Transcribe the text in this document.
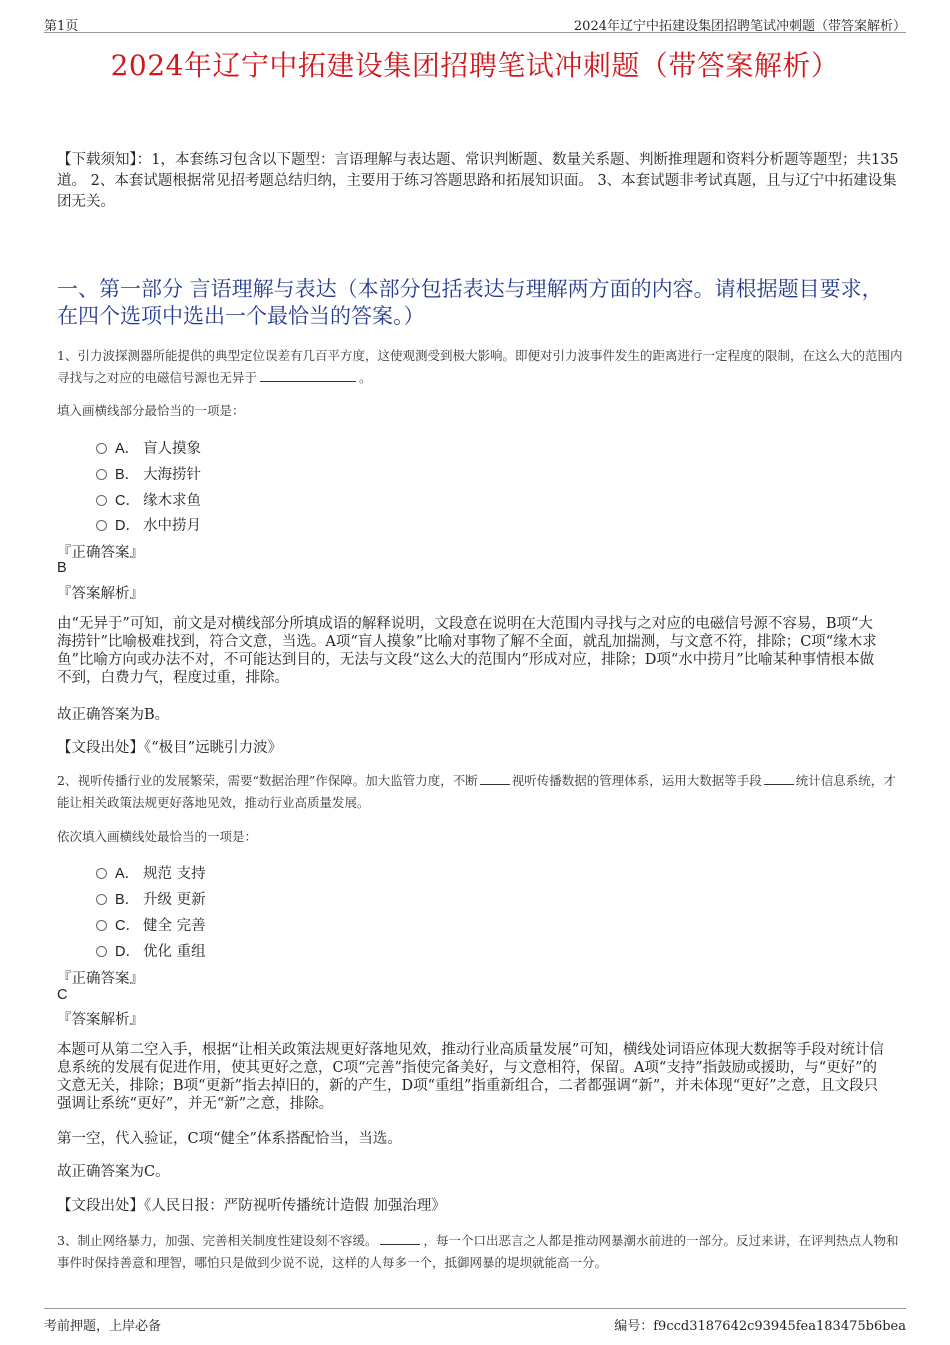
第1页	2024年辽宁中拓建设集团招聘笔试冲刺题（带答案解析）
2024年辽宁中拓建设集团招聘笔试冲刺题（带答案解析）
【下载须知】：1，本套练习包含以下题型：言语理解与表达题、常识判断题、数量关系题、判断推理题和资料分析题等题型；共135道。 2、本套试题根据常见招考题总结归纳，主要用于练习答题思路和拓展知识面。 3、本套试题非考试真题，且与辽宁中拓建设集团无关。
一、第一部分 言语理解与表达（本部分包括表达与理解两方面的内容。请根据题目要求，在四个选项中选出一个最恰当的答案。）
1、引力波探测器所能提供的典型定位误差有几百平方度，这使观测受到极大影响。即便对引力波事件发生的距离进行一定程度的限制，在这么大的范围内寻找与之对应的电磁信号源也无异于	。
填入画横线部分最恰当的一项是：
A． 盲人摸象
B． 大海捞针
C． 缘木求鱼
D． 水中捞月
『正确答案』
B
『答案解析』
由“无异于”可知，前文是对横线部分所填成语的解释说明，文段意在说明在大范围内寻找与之对应的电磁信号源不容易，B项“大海捞针”比喻极难找到，符合文意，当选。A项“盲人摸象”比喻对事物了解不全面，就乱加揣测，与文意不符，排除；C项“缘木求鱼”比喻方向或办法不对，不可能达到目的，无法与文段“这么大的范围内”形成对应，排除；D项“水中捞月”比喻某种事情根本做不到，白费力气，程度过重，排除。
故正确答案为B。
【文段出处】《“极目”远眺引力波》
2、视听传播行业的发展繁荣，需要“数据治理”作保障。加大监管力度，不断	视听传播数据的管理体系，运用大数据等手段	统计信息系统，才能让相关政策法规更好落地见效，推动行业高质量发展。
依次填入画横线处最恰当的一项是：
A． 规范 支持
B． 升级 更新
C． 健全 完善
D． 优化 重组
『正确答案』
C
『答案解析』
本题可从第二空入手，根据“让相关政策法规更好落地见效，推动行业高质量发展”可知，横线处词语应体现大数据等手段对统计信息系统的发展有促进作用，使其更好之意，C项“完善”指使完备美好，与文意相符，保留。A项“支持”指鼓励或援助，与“更好”的文意无关，排除；B项“更新”指去掉旧的，新的产生，D项“重组”指重新组合，二者都强调“新”，并未体现“更好”之意，且文段只强调让系统“更好”，并无“新”之意，排除。
第一空，代入验证，C项“健全”体系搭配恰当，当选。
故正确答案为C。
【文段出处】《人民日报：严防视听传播统计造假 加强治理》
3、制止网络暴力，加强、完善相关制度性建设刻不容缓。	，每一个口出恶言之人都是推动网暴潮水前进的一部分。反过来讲，在评判热点人物和事件时保持善意和理智，哪怕只是做到少说不说，这样的人每多一个，抵御网暴的堤坝就能高一分。
考前押题，上岸必备	编号：f9ccd3187642c93945fea183475b6bea
